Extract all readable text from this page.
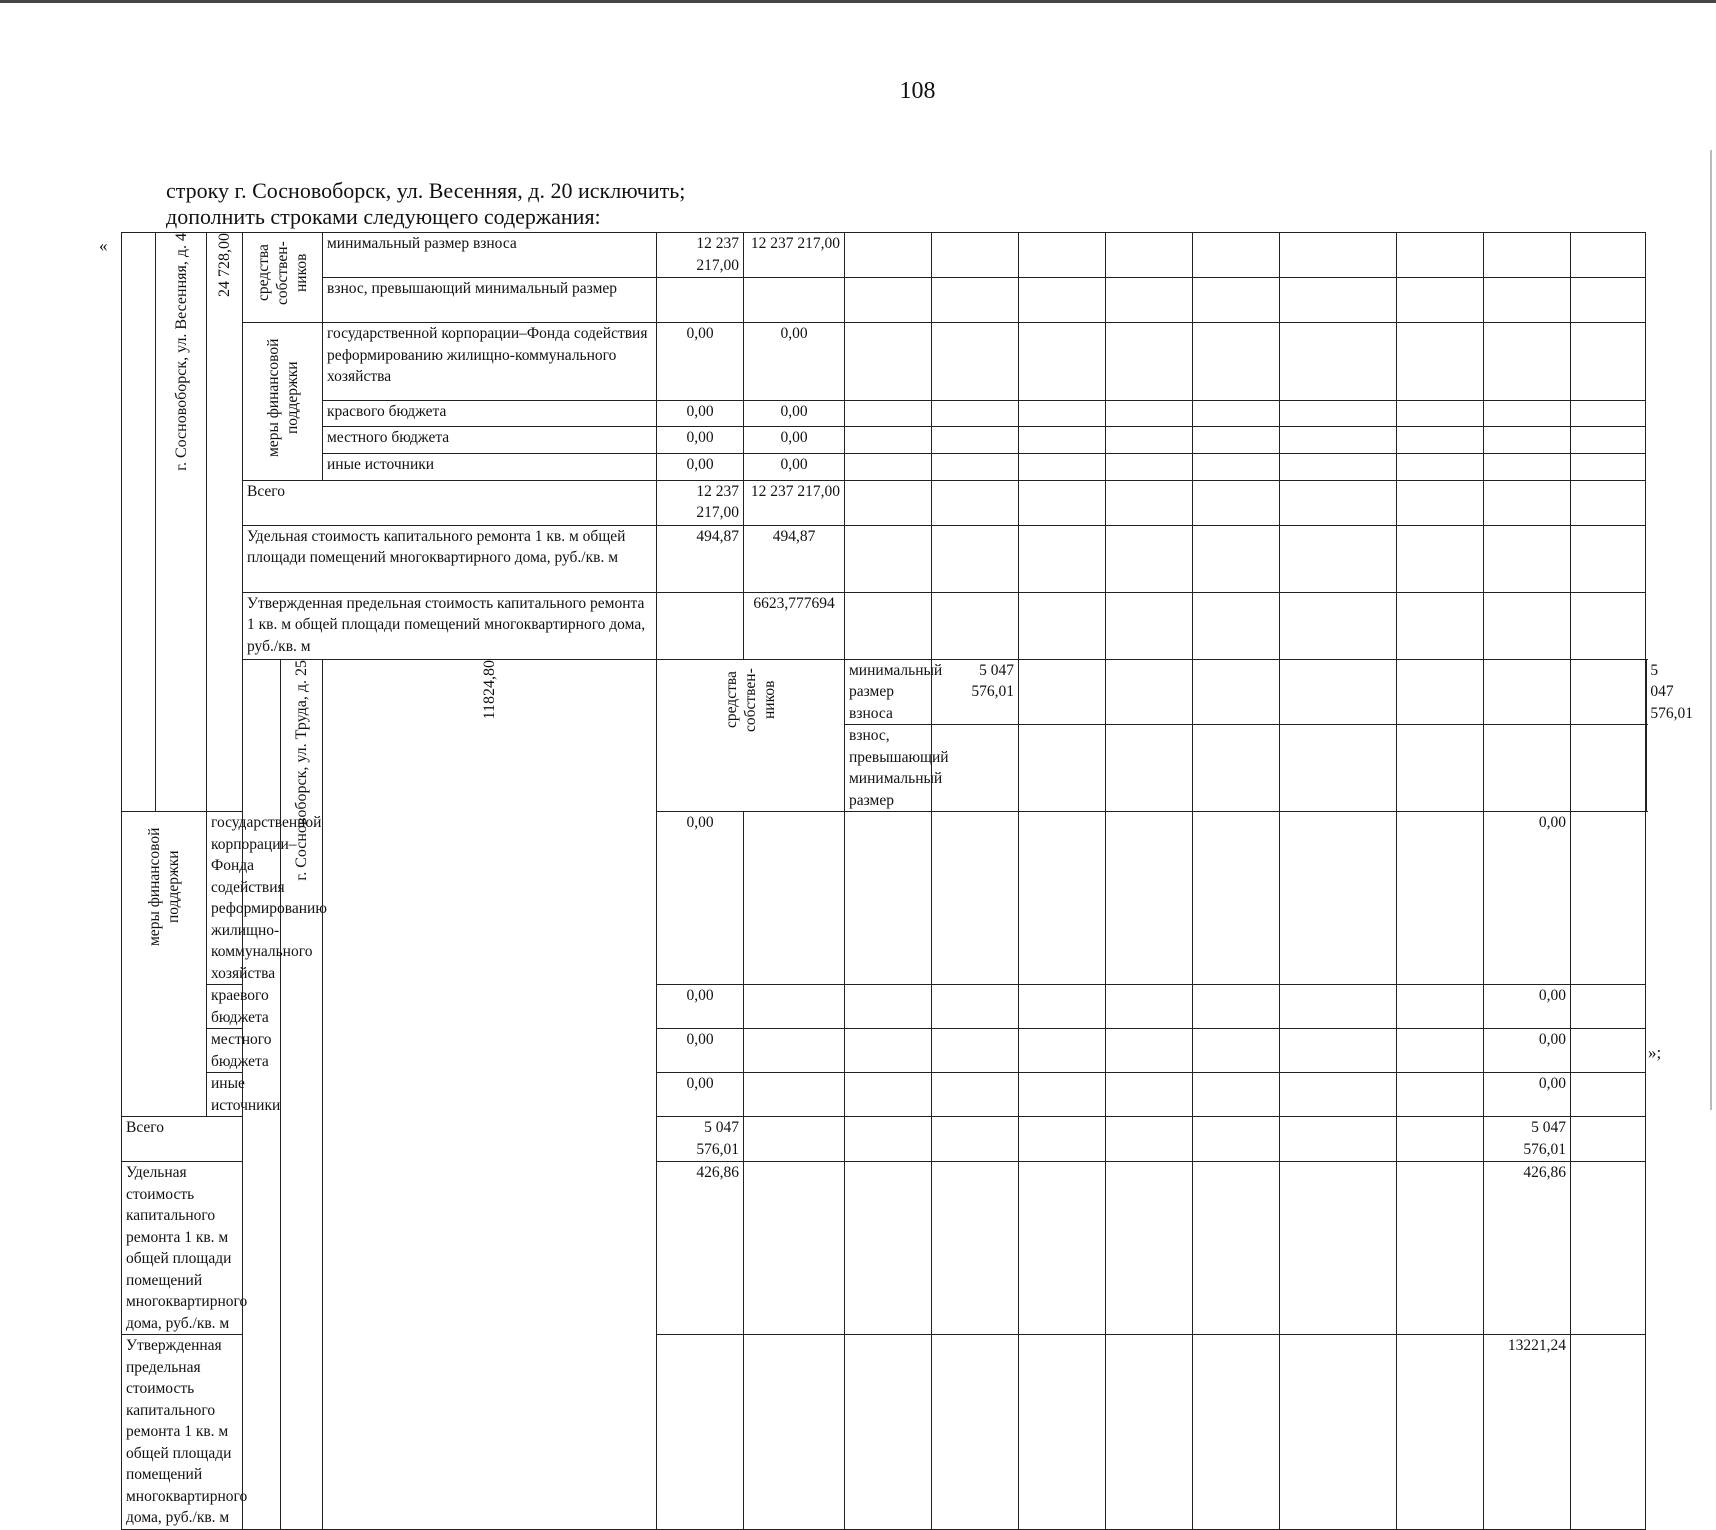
108

строку г. Сосновоборск, ул. Весенняя, д. 20 исключить;

дополнить строками следующего содержания:

«
		г. Сосновоборск, ул. Весенняя, д. 4	24 728,00	средства собствен-ников		минимальный размер взноса	12 237 217,00	12 237 217,00										
					взнос, превышающий минимальный размер												
			меры финансовой поддержки		государственной корпорации–Фонда содействия реформированию жилищно-коммунального хозяйства	0,00	0,00										
					красвого бюджета	0,00	0,00										
					местного бюджета	0,00	0,00										
					иные источники	0,00	0,00										
			Всего			12 237 217,00	12 237 217,00										
			Удельная стоимость капитального ремонта 1 кв. м общей площади помещений многоквартирного дома, руб./кв. м			494,87	494,87										
			Утвержденная предельная стоимость капитального ремонта 1 кв. м общей площади помещений многоквартирного дома, руб./кв. м				6623,777694										
				г. Сосновоборск, ул. Труда, д. 25	11824,80	средства собствен-ников		минимальный размер взноса	5 047 576,01									5 047 576,01	
								взнос, превышающий минимальный размер											
меры финансовой поддержки		государственной корпорации–Фонда содействия реформированию жилищно-коммунального хозяйства				0,00									0,00		
		краевого бюджета				0,00									0,00		
		местного бюджета				0,00									0,00		
		иные источники				0,00									0,00		
Всего						5 047 576,01									5 047 576,01		
Удельная стоимость капитального ремонта 1 кв. м общей площади помещений многоквартирного дома, руб./кв. м						426,86									426,86		
Утвержденная предельная стоимость капитального ремонта 1 кв. м общей площади помещений многоквартирного дома, руб./кв. м															13221,24		
»;
